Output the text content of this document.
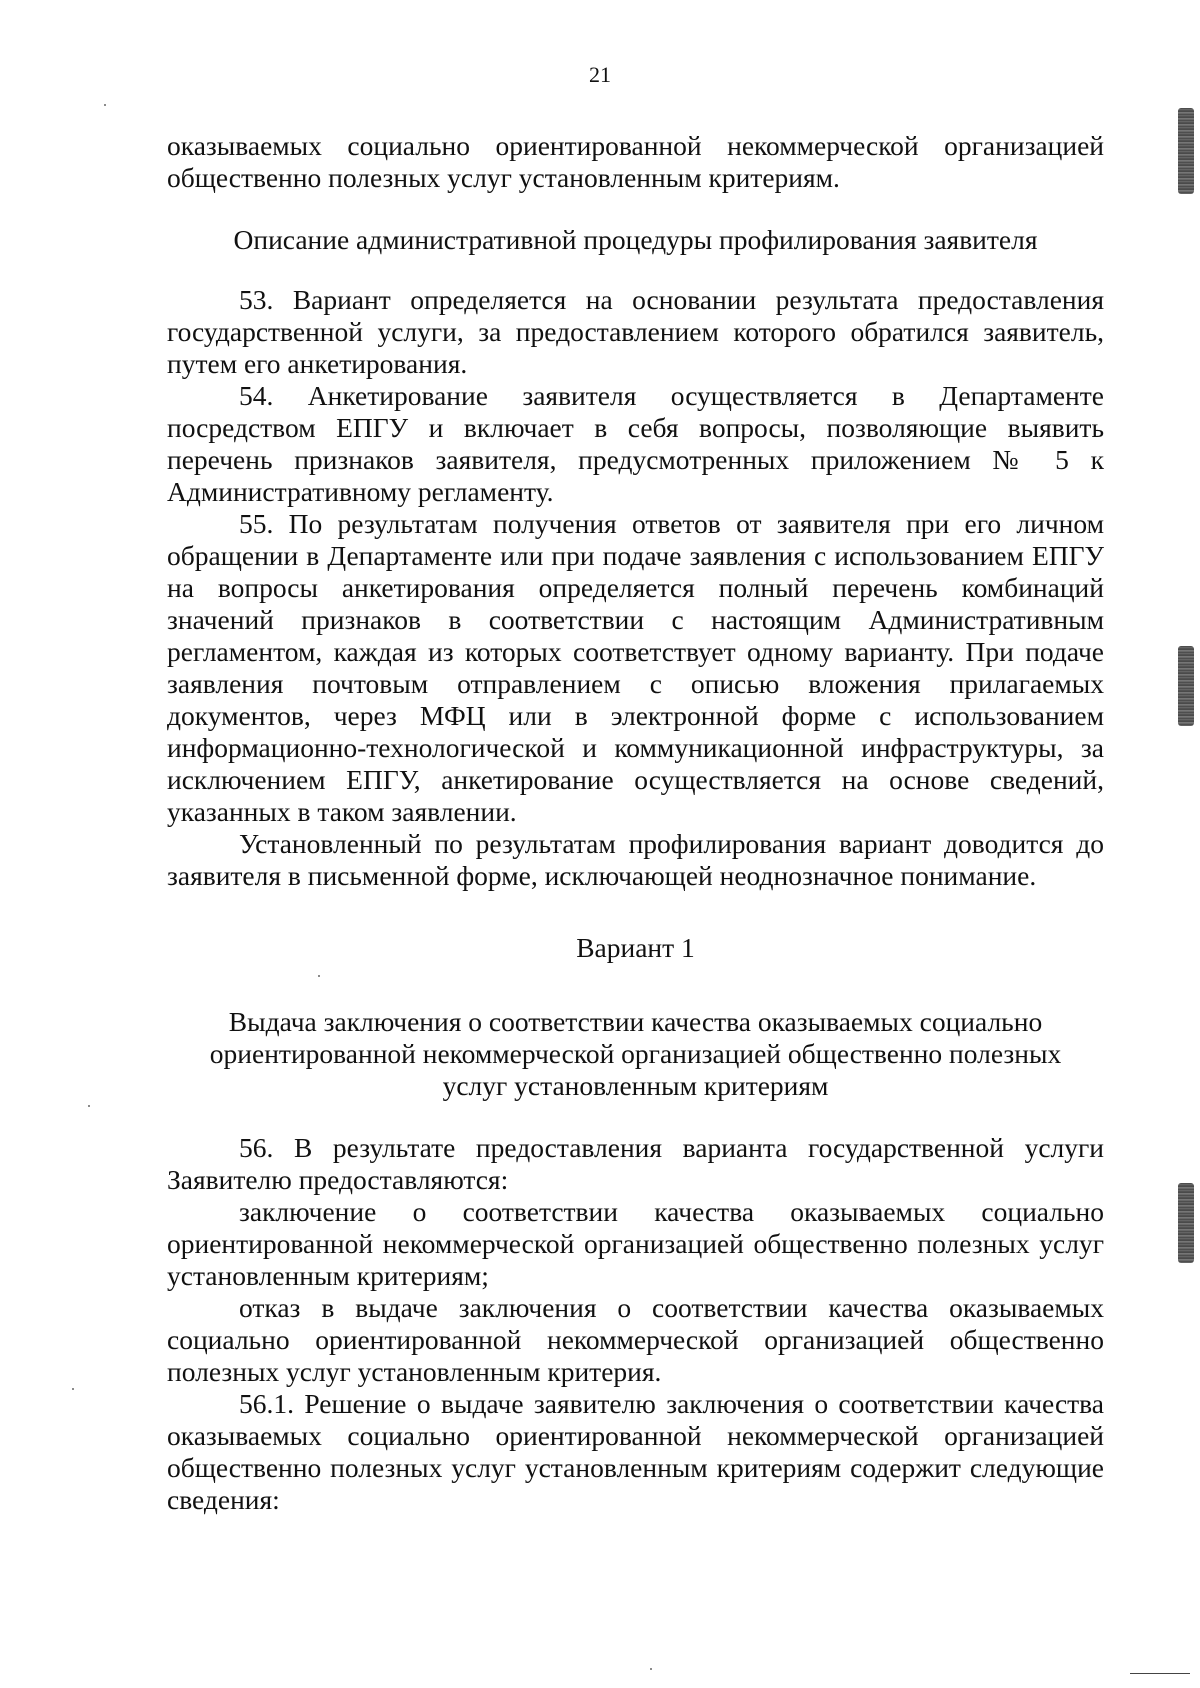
21

оказываемых социально ориентированной некоммерческой организацией общественно полезных услуг установленным критериям.

Описание административной процедуры профилирования заявителя

53. Вариант определяется на основании результата предоставления государственной услуги, за предоставлением которого обратился заявитель, путем его анкетирования.

54. Анкетирование заявителя осуществляется в Департаменте посредством ЕПГУ и включает в себя вопросы, позволяющие выявить перечень признаков заявителя, предусмотренных приложением № 5 к Административному регламенту.

55. По результатам получения ответов от заявителя при его личном обращении в Департаменте или при подаче заявления с использованием ЕПГУ на вопросы анкетирования определяется полный перечень комбинаций значений признаков в соответствии с настоящим Административным регламентом, каждая из которых соответствует одному варианту. При подаче заявления почтовым отправлением с описью вложения прилагаемых документов, через МФЦ или в электронной форме с использованием информационно-технологической и коммуникационной инфраструктуры, за исключением ЕПГУ, анкетирование осуществляется на основе сведений, указанных в таком заявлении.

Установленный по результатам профилирования вариант доводится до заявителя в письменной форме, исключающей неоднозначное понимание.

Вариант 1

Выдача заключения о соответствии качества оказываемых социально ориентированной некоммерческой организацией общественно полезных услуг установленным критериям

56. В результате предоставления варианта государственной услуги Заявителю предоставляются:

заключение о соответствии качества оказываемых социально ориентированной некоммерческой организацией общественно полезных услуг установленным критериям;

отказ в выдаче заключения о соответствии качества оказываемых социально ориентированной некоммерческой организацией общественно полезных услуг установленным критерия.

56.1. Решение о выдаче заявителю заключения о соответствии качества оказываемых социально ориентированной некоммерческой организацией общественно полезных услуг установленным критериям содержит следующие сведения:
